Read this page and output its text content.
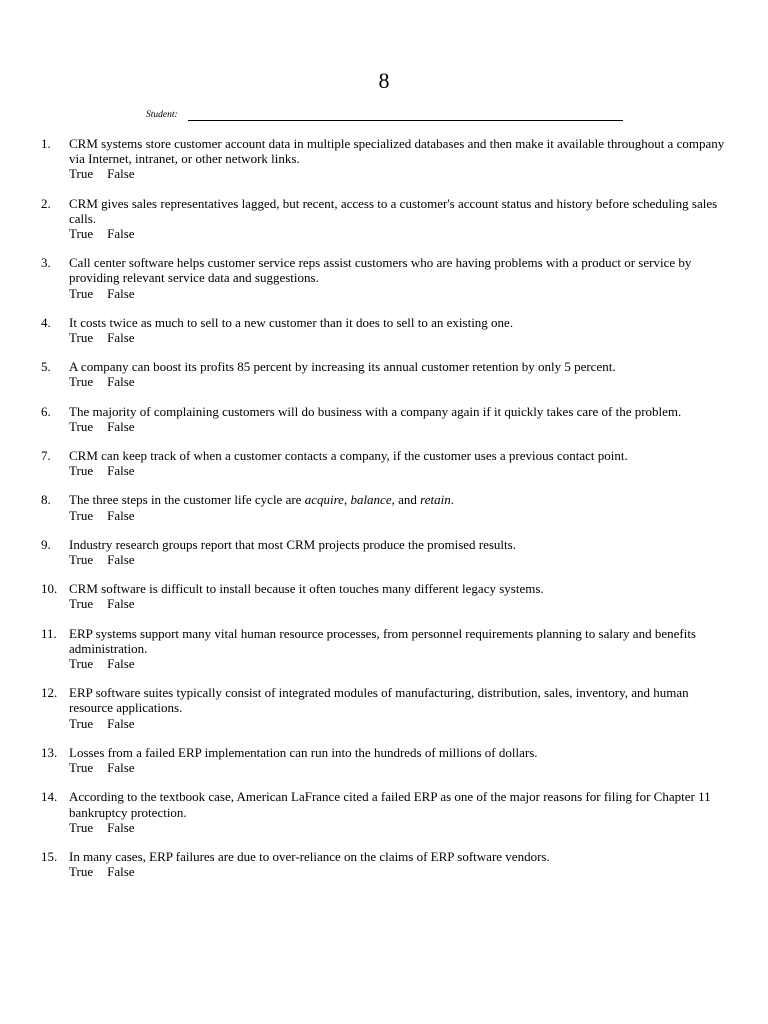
8
Student:
1. CRM systems store customer account data in multiple specialized databases and then make it available throughout a company via Internet, intranet, or other network links.
True False
2. CRM gives sales representatives lagged, but recent, access to a customer's account status and history before scheduling sales calls.
True False
3. Call center software helps customer service reps assist customers who are having problems with a product or service by providing relevant service data and suggestions.
True False
4. It costs twice as much to sell to a new customer than it does to sell to an existing one.
True False
5. A company can boost its profits 85 percent by increasing its annual customer retention by only 5 percent.
True False
6. The majority of complaining customers will do business with a company again if it quickly takes care of the problem.
True False
7. CRM can keep track of when a customer contacts a company, if the customer uses a previous contact point.
True False
8. The three steps in the customer life cycle are acquire, balance, and retain.
True False
9. Industry research groups report that most CRM projects produce the promised results.
True False
10. CRM software is difficult to install because it often touches many different legacy systems.
True False
11. ERP systems support many vital human resource processes, from personnel requirements planning to salary and benefits administration.
True False
12. ERP software suites typically consist of integrated modules of manufacturing, distribution, sales, inventory, and human resource applications.
True False
13. Losses from a failed ERP implementation can run into the hundreds of millions of dollars.
True False
14. According to the textbook case, American LaFrance cited a failed ERP as one of the major reasons for filing for Chapter 11 bankruptcy protection.
True False
15. In many cases, ERP failures are due to over-reliance on the claims of ERP software vendors.
True False
